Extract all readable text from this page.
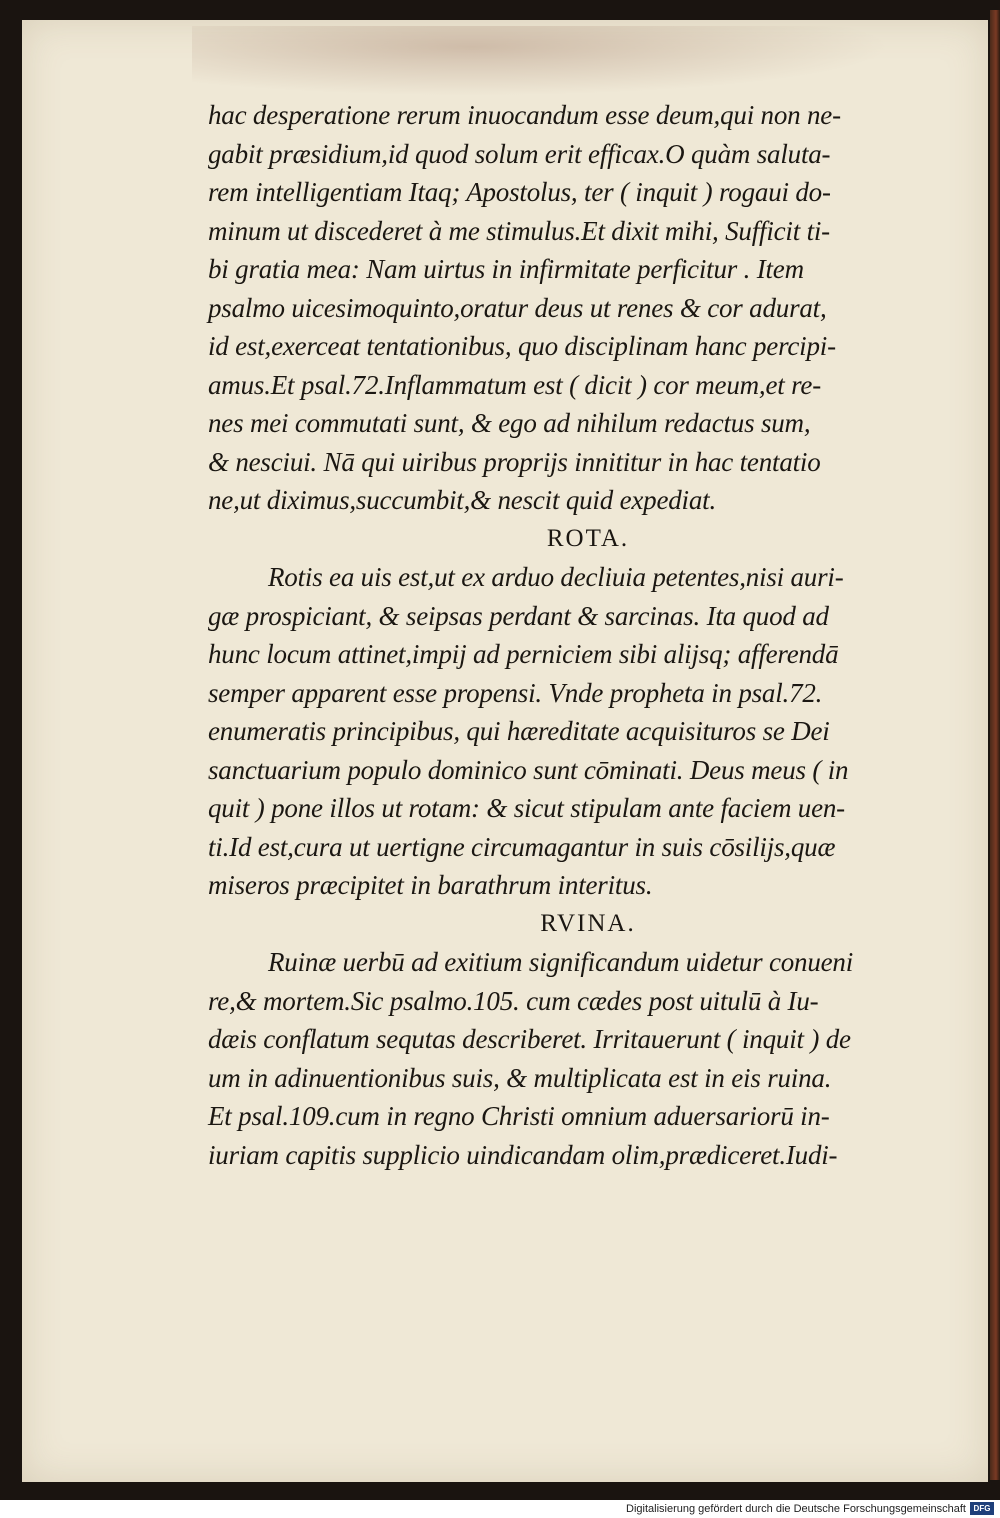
hac desperatione rerum inuocandum esse deum,qui non ne-
gabit præsidium,id quod solum erit efficax.O quàm saluta-
rem intelligentiam Itaq; Apostolus, ter ( inquit ) rogaui do-
minum ut discederet à me stimulus.Et dixit mihi, Sufficit ti-
bi gratia mea: Nam uirtus in infirmitate perficitur . Item
psalmo uicesimoquinto,oratur deus ut renes & cor adurat,
id est,exerceat tentationibus, quo disciplinam hanc percipi-
amus.Et psal.72.Inflammatum est ( dicit ) cor meum,et re-
nes mei commutati sunt, & ego ad nihilum redactus sum,
& nesciui. Nā qui uiribus proprijs innititur in hac tentatio
ne,ut diximus,succumbit,& nescit quid expediat.
ROTA.
Rotis ea uis est,ut ex arduo decliuia petentes,nisi auri-
gæ prospiciant, & seipsas perdant & sarcinas. Ita quod ad
hunc locum attinet,impij ad perniciem sibi alijsq; afferendā
semper apparent esse propensi. Vnde propheta in psal.72.
enumeratis principibus, qui hæreditate acquisituros se Dei
sanctuarium populo dominico sunt cōminati. Deus meus ( in
quit ) pone illos ut rotam: & sicut stipulam ante faciem uen-
ti.Id est,cura ut uertigne circumagantur in suis cōsilijs,quæ
miseros præcipitet in barathrum interitus.
RVINA.
Ruinæ uerbū ad exitium significandum uidetur conueni
re,& mortem.Sic psalmo.105. cum cædes post uitulū à Iu-
dæis conflatum sequtas describeret. Irritauerunt ( inquit ) de
um in adinuentionibus suis, & multiplicata est in eis ruina.
Et psal.109.cum in regno Christi omnium aduersariorū in-
iuriam capitis supplicio uindicandam olim,prædiceret.Iudi-
Digitalisierung gefördert durch die Deutsche Forschungsgemeinschaft DFG
